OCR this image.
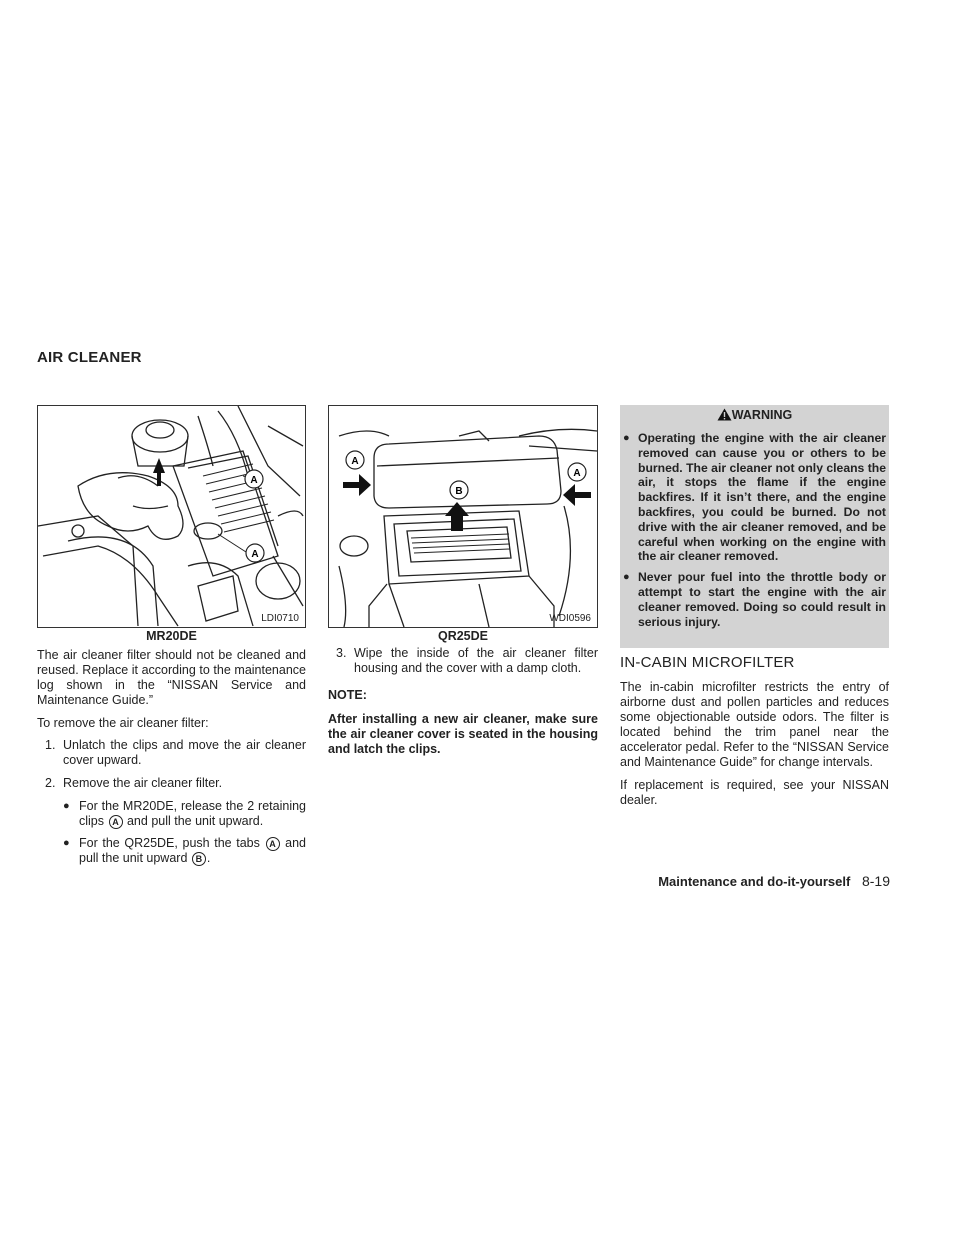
AIR CLEANER
A
A
LDI0710
MR20DE
A
A
B
WDI0596
QR25DE

The air cleaner filter should not be cleaned and reused. Replace it according to the maintenance log shown in the “NISSAN Service and Maintenance Guide.”

To remove the air cleaner filter:

1. Unlatch the clips and move the air cleaner cover upward.
2. Remove the air cleaner filter.
● For the MR20DE, release the 2 retaining clips A and pull the unit upward.
● For the QR25DE, push the tabs A and pull the unit upward B .
3. Wipe the inside of the air cleaner filter housing and the cover with a damp cloth.

NOTE:

After installing a new air cleaner, make sure the air cleaner cover is seated in the housing and latch the clips.

WARNING
● Operating the engine with the air cleaner removed can cause you or others to be burned. The air cleaner not only cleans the air, it stops the flame if the engine backfires. If it isn’t there, and the engine backfires, you could be burned. Do not drive with the air cleaner removed, and be careful when working on the engine with the air cleaner removed.
● Never pour fuel into the throttle body or attempt to start the engine with the air cleaner removed. Doing so could result in serious injury.
IN-CABIN MICROFILTER

The in-cabin microfilter restricts the entry of airborne dust and pollen particles and reduces some objectionable outside odors. The filter is located behind the trim panel near the accelerator pedal. Refer to the “NISSAN Service and Maintenance Guide” for change intervals.

If replacement is required, see your NISSAN dealer.

Maintenance and do-it-yourself 8-19
